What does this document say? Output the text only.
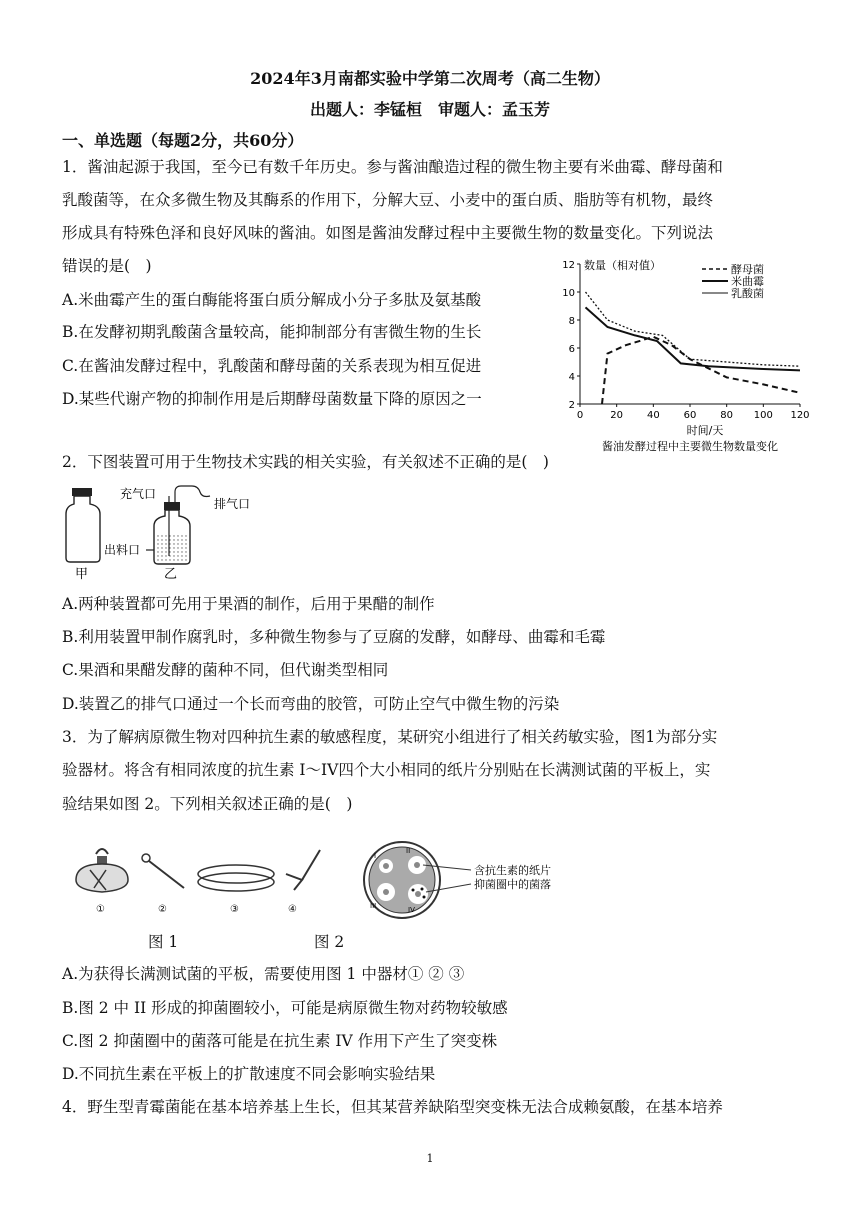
2024年3月南都实验中学第二次周考（高二生物）
出题人：李锰桓　审题人：孟玉芳
一、单选题（每题2分，共60分）
1．酱油起源于我国，至今已有数千年历史。参与酱油酿造过程的微生物主要有米曲霉、酵母菌和
乳酸菌等，在众多微生物及其酶系的作用下，分解大豆、小麦中的蛋白质、脂肪等有机物，最终
形成具有特殊色泽和良好风味的酱油。如图是酱油发酵过程中主要微生物的数量变化。下列说法
错误的是(　)
A.米曲霉产生的蛋白酶能将蛋白质分解成小分子多肽及氨基酸
B.在发酵初期乳酸菌含量较高，能抑制部分有害微生物的生长
C.在酱油发酵过程中，乳酸菌和酵母菌的关系表现为相互促进
D.某些代谢产物的抑制作用是后期酵母菌数量下降的原因之一
0	20 40 60 80 100 120
2
4
6
8
10
12 数量（相对值）
时间/天
酱油发酵过程中主要微生物数量变化
酵母菌
米曲霉
乳酸菌
2．下图装置可用于生物技术实践的相关实验，有关叙述不正确的是(　)
甲
充气口
排气口
出料口
乙
A.两种装置都可先用于果酒的制作，后用于果醋的制作
B.利用装置甲制作腐乳时，多种微生物参与了豆腐的发酵，如酵母、曲霉和毛霉
C.果酒和果醋发酵的菌种不同，但代谢类型相同
D.装置乙的排气口通过一个长而弯曲的胶管，可防止空气中微生物的污染
3．为了解病原微生物对四种抗生素的敏感程度，某研究小组进行了相关药敏实验，图1为部分实
验器材。将含有相同浓度的抗生素 I～IV四个大小相同的纸片分别贴在长满测试菌的平板上，实
验结果如图 2。下列相关叙述正确的是(　)
①	②	③	④
I
II
III	IV
含抗生素的纸片
抑菌圈中的菌落
图 1	图 2
A.为获得长满测试菌的平板，需要使用图 1 中器材① ② ③
B.图 2 中 II 形成的抑菌圈较小，可能是病原微生物对药物较敏感
C.图 2 抑菌圈中的菌落可能是在抗生素 IV 作用下产生了突变株
D.不同抗生素在平板上的扩散速度不同会影响实验结果
4．野生型青霉菌能在基本培养基上生长，但其某营养缺陷型突变株无法合成赖氨酸，在基本培养
1
